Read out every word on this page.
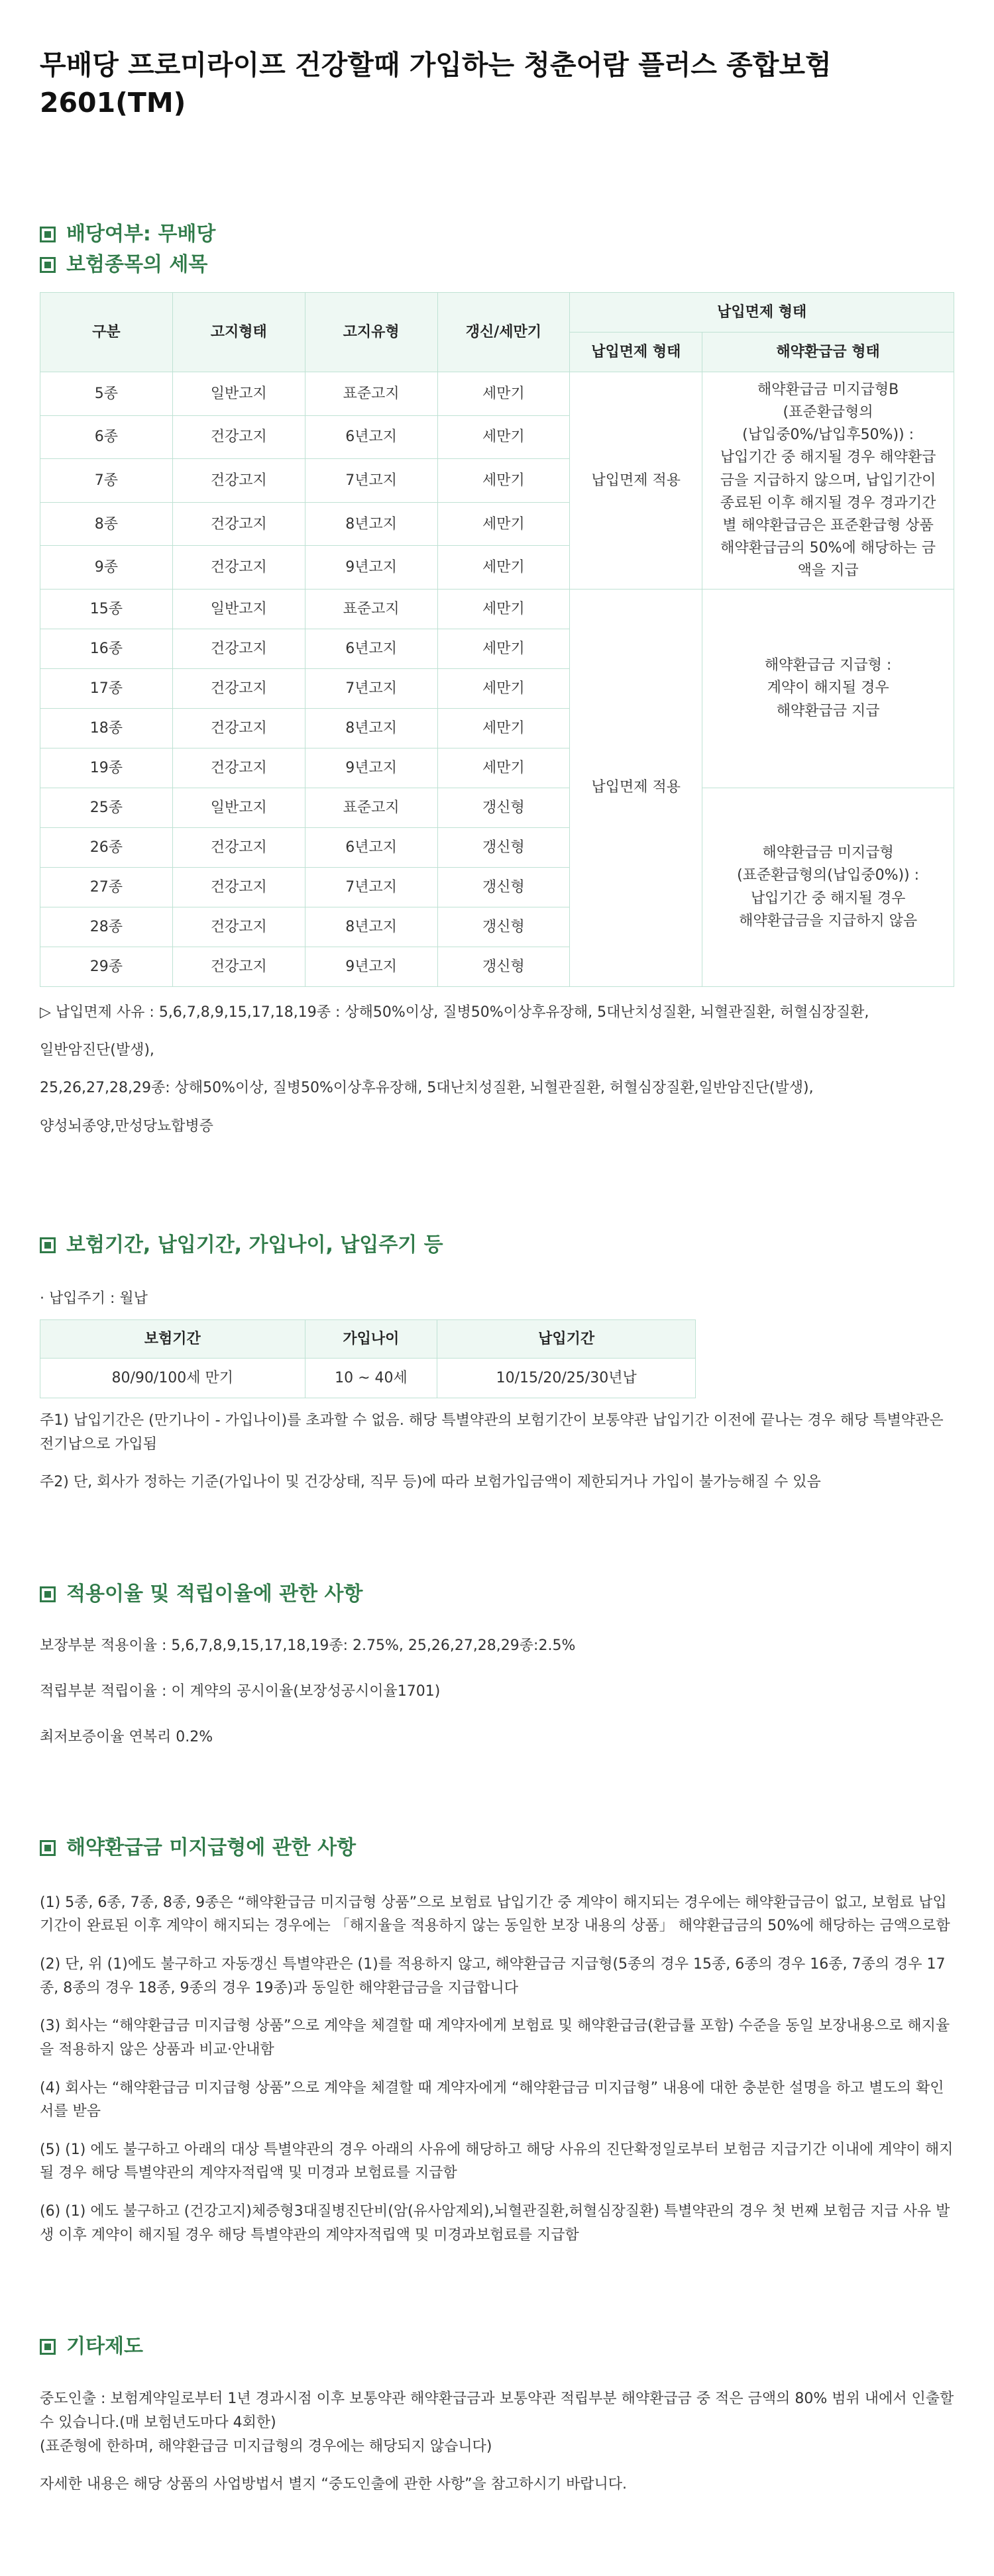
무배당 프로미라이프 건강할때 가입하는 청춘어람 플러스 종합보험 2601(TM)
배당여부: 무배당
보험종목의 세목
구분	고지형태	고지유형	갱신/세만기	납입면제 형태	
				납입면제 형태	해약환급금 형태
5종	일반고지	표준고지	세만기	납입면제 적용	해약환급금 미지급형B
(표준환급형의
(납입중0%/납입후50%)) :
납입기간 중 해지될 경우 해약환급금을 지급하지 않으며, 납입기간이 종료된 이후 해지될 경우 경과기간별 해약환급금은 표준환급형 상품 해약환급금의 50%에 해당하는 금액을 지급
6종	건강고지	6년고지	세만기		
7종	건강고지	7년고지	세만기		
8종	건강고지	8년고지	세만기		
9종	건강고지	9년고지	세만기		
15종	일반고지	표준고지	세만기	납입면제 적용	해약환급금 지급형 :
계약이 해지될 경우
해약환급금 지급
16종	건강고지	6년고지	세만기		
17종	건강고지	7년고지	세만기		
18종	건강고지	8년고지	세만기		
19종	건강고지	9년고지	세만기		
25종	일반고지	표준고지	갱신형		해약환급금 미지급형
(표준환급형의(납입중0%)) :
납입기간 중 해지될 경우
해약환급금을 지급하지 않음
26종	건강고지	6년고지	갱신형		
27종	건강고지	7년고지	갱신형		
28종	건강고지	8년고지	갱신형		
29종	건강고지	9년고지	갱신형		

▷ 납입면제 사유 : 5,6,7,8,9,15,17,18,19종 : 상해50%이상, 질병50%이상후유장해, 5대난치성질환, 뇌혈관질환, 허혈심장질환,

일반암진단(발생),

25,26,27,28,29종: 상해50%이상, 질병50%이상후유장해, 5대난치성질환, 뇌혈관질환, 허혈심장질환,일반암진단(발생),

양성뇌종양,만성당뇨합병증

보험기간, 납입기간, 가입나이, 납입주기 등

· 납입주기 : 월납

보험기간	가입나이	납입기간
80/90/100세 만기	10 ~ 40세	10/15/20/25/30년납

주1) 납입기간은 (만기나이 - 가입나이)를 초과할 수 없음. 해당 특별약관의 보험기간이 보통약관 납입기간 이전에 끝나는 경우 해당 특별약관은 전기납으로 가입됨

주2) 단, 회사가 정하는 기준(가입나이 및 건강상태, 직무 등)에 따라 보험가입금액이 제한되거나 가입이 불가능해질 수 있음

적용이율 및 적립이율에 관한 사항

보장부분 적용이율 : 5,6,7,8,9,15,17,18,19종: 2.75%, 25,26,27,28,29종:2.5%

적립부분 적립이율 : 이 계약의 공시이율(보장성공시이율1701)

최저보증이율 연복리 0.2%

해약환급금 미지급형에 관한 사항

(1) 5종, 6종, 7종, 8종, 9종은 “해약환급금 미지급형 상품”으로 보험료 납입기간 중 계약이 해지되는 경우에는 해약환급금이 없고, 보험료 납입기간이 완료된 이후 계약이 해지되는 경우에는 「해지율을 적용하지 않는 동일한 보장 내용의 상품」 해약환급금의 50%에 해당하는 금액으로함

(2) 단, 위 (1)에도 불구하고 자동갱신 특별약관은 (1)를 적용하지 않고, 해약환급금 지급형(5종의 경우 15종, 6종의 경우 16종, 7종의 경우 17종, 8종의 경우 18종, 9종의 경우 19종)과 동일한 해약환급금을 지급합니다

(3) 회사는 “해약환급금 미지급형 상품”으로 계약을 체결할 때 계약자에게 보험료 및 해약환급금(환급률 포함) 수준을 동일 보장내용으로 해지율을 적용하지 않은 상품과 비교·안내함

(4) 회사는 “해약환급금 미지급형 상품”으로 계약을 체결할 때 계약자에게 “해약환급금 미지급형” 내용에 대한 충분한 설명을 하고 별도의 확인서를 받음

(5) (1) 에도 불구하고 아래의 대상 특별약관의 경우 아래의 사유에 해당하고 해당 사유의 진단확정일로부터 보험금 지급기간 이내에 계약이 해지될 경우 해당 특별약관의 계약자적립액 및 미경과 보험료를 지급함

(6) (1) 에도 불구하고 (건강고지)체증형3대질병진단비(암(유사암제외),뇌혈관질환,허혈심장질환) 특별약관의 경우 첫 번째 보험금 지급 사유 발생 이후 계약이 해지될 경우 해당 특별약관의 계약자적립액 및 미경과보험료를 지급함

기타제도

중도인출 : 보험계약일로부터 1년 경과시점 이후 보통약관 해약환급금과 보통약관 적립부분 해약환급금 중 적은 금액의 80% 범위 내에서 인출할 수 있습니다.(매 보험년도마다 4회한)

(표준형에 한하며, 해약환급금 미지급형의 경우에는 해당되지 않습니다)

자세한 내용은 해당 상품의 사업방법서 별지 “중도인출에 관한 사항”을 참고하시기 바랍니다.
